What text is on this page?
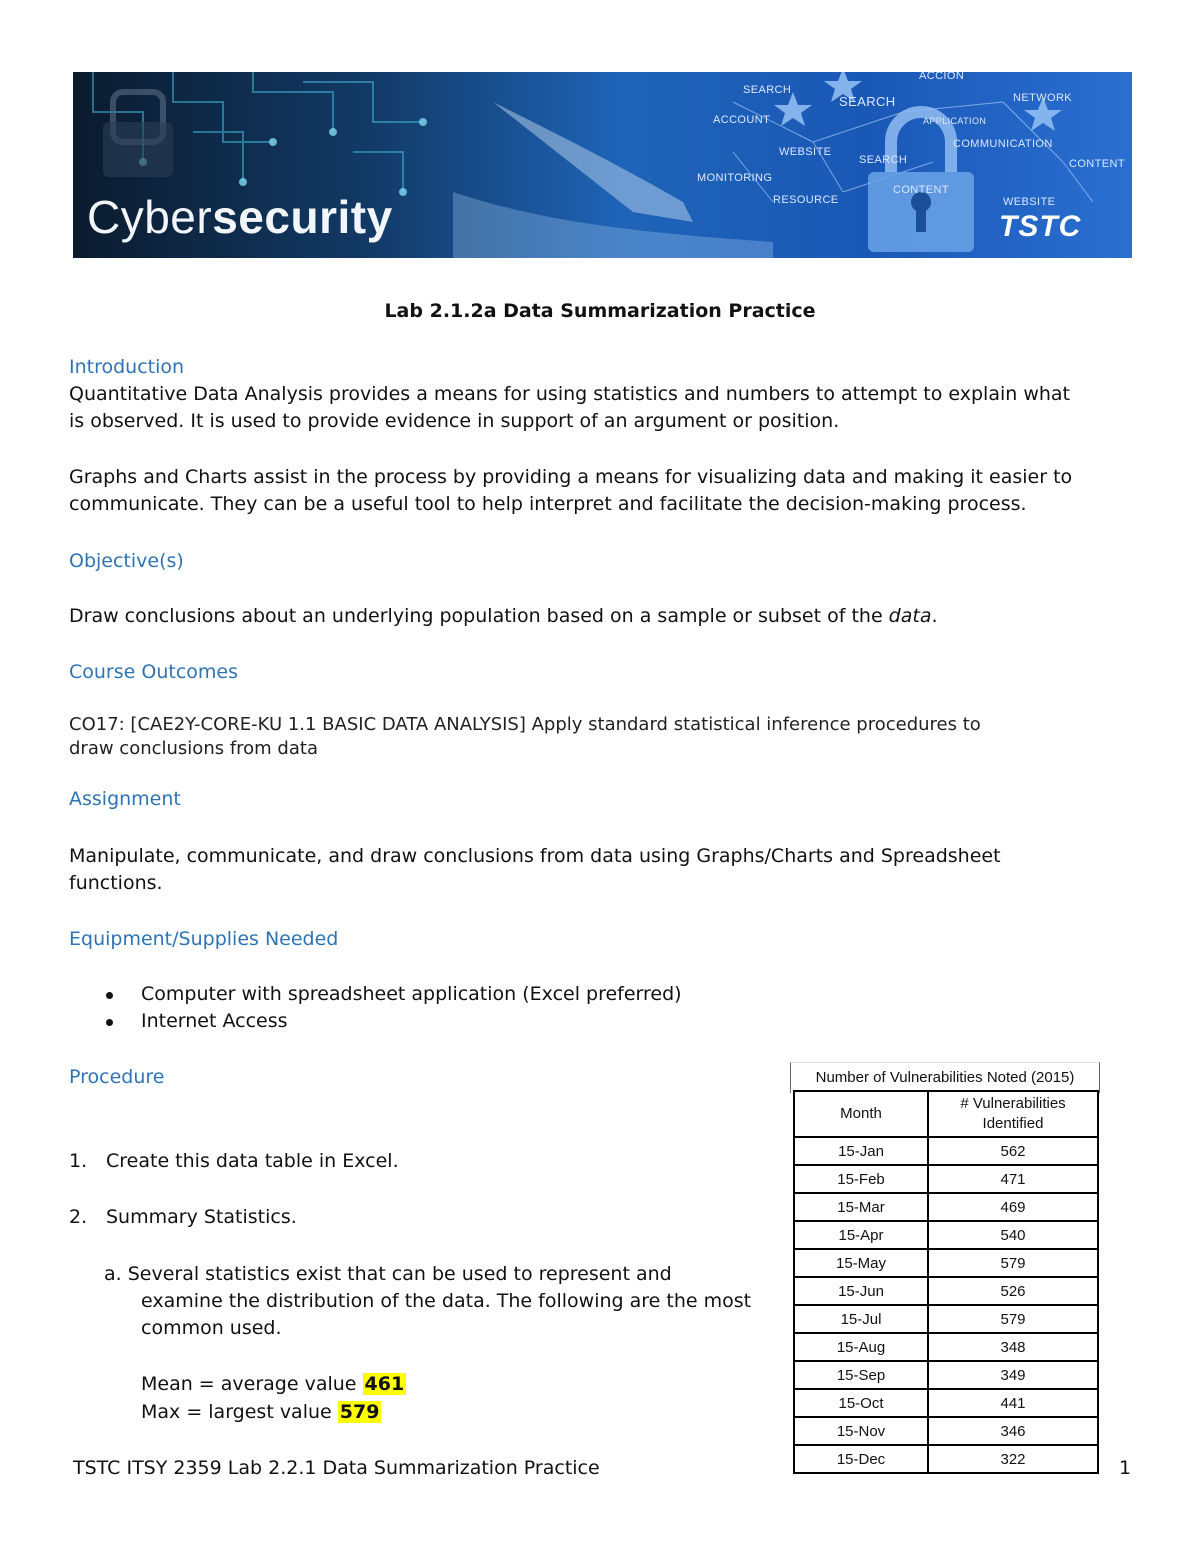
SEARCH
SEARCH
ACCOUNT
WEBSITE
MONITORING
RESOURCE
SEARCH
CONTENT
APPLICATION
COMMUNICATION
NETWORK
CONTENT
WEBSITE
ACCION
Cybersecurity	TSTC
Lab 2.1.2a Data Summarization Practice
Introduction
Quantitative Data Analysis provides a means for using statistics and numbers to attempt to explain what
is observed. It is used to provide evidence in support of an argument or position.
Graphs and Charts assist in the process by providing a means for visualizing data and making it easier to
communicate. They can be a useful tool to help interpret and facilitate the decision-making process.
Objective(s)
Draw conclusions about an underlying population based on a sample or subset of the data.
Course Outcomes
CO17: [CAE2Y-CORE-KU 1.1 BASIC DATA ANALYSIS] Apply standard statistical inference procedures to
draw conclusions from data
Assignment
Manipulate, communicate, and draw conclusions from data using Graphs/Charts and Spreadsheet
functions.
Equipment/Supplies Needed
Computer with spreadsheet application (Excel preferred)
Internet Access
Procedure
1. Create this data table in Excel.
2. Summary Statistics.
a. Several statistics exist that can be used to represent and
examine the distribution of the data. The following are the most
common used.
Mean = average value 461
Max = largest value 579
Number of Vulnerabilities Noted (2015)
Month	# Vulnerabilities
Identified

15-Jan	562
15-Feb	471
15-Mar	469
15-Apr	540
15-May	579
15-Jun	526
15-Jul	579
15-Aug	348
15-Sep	349
15-Oct	441
15-Nov	346
15-Dec	322
TSTC ITSY 2359 Lab 2.2.1 Data Summarization Practice	1
